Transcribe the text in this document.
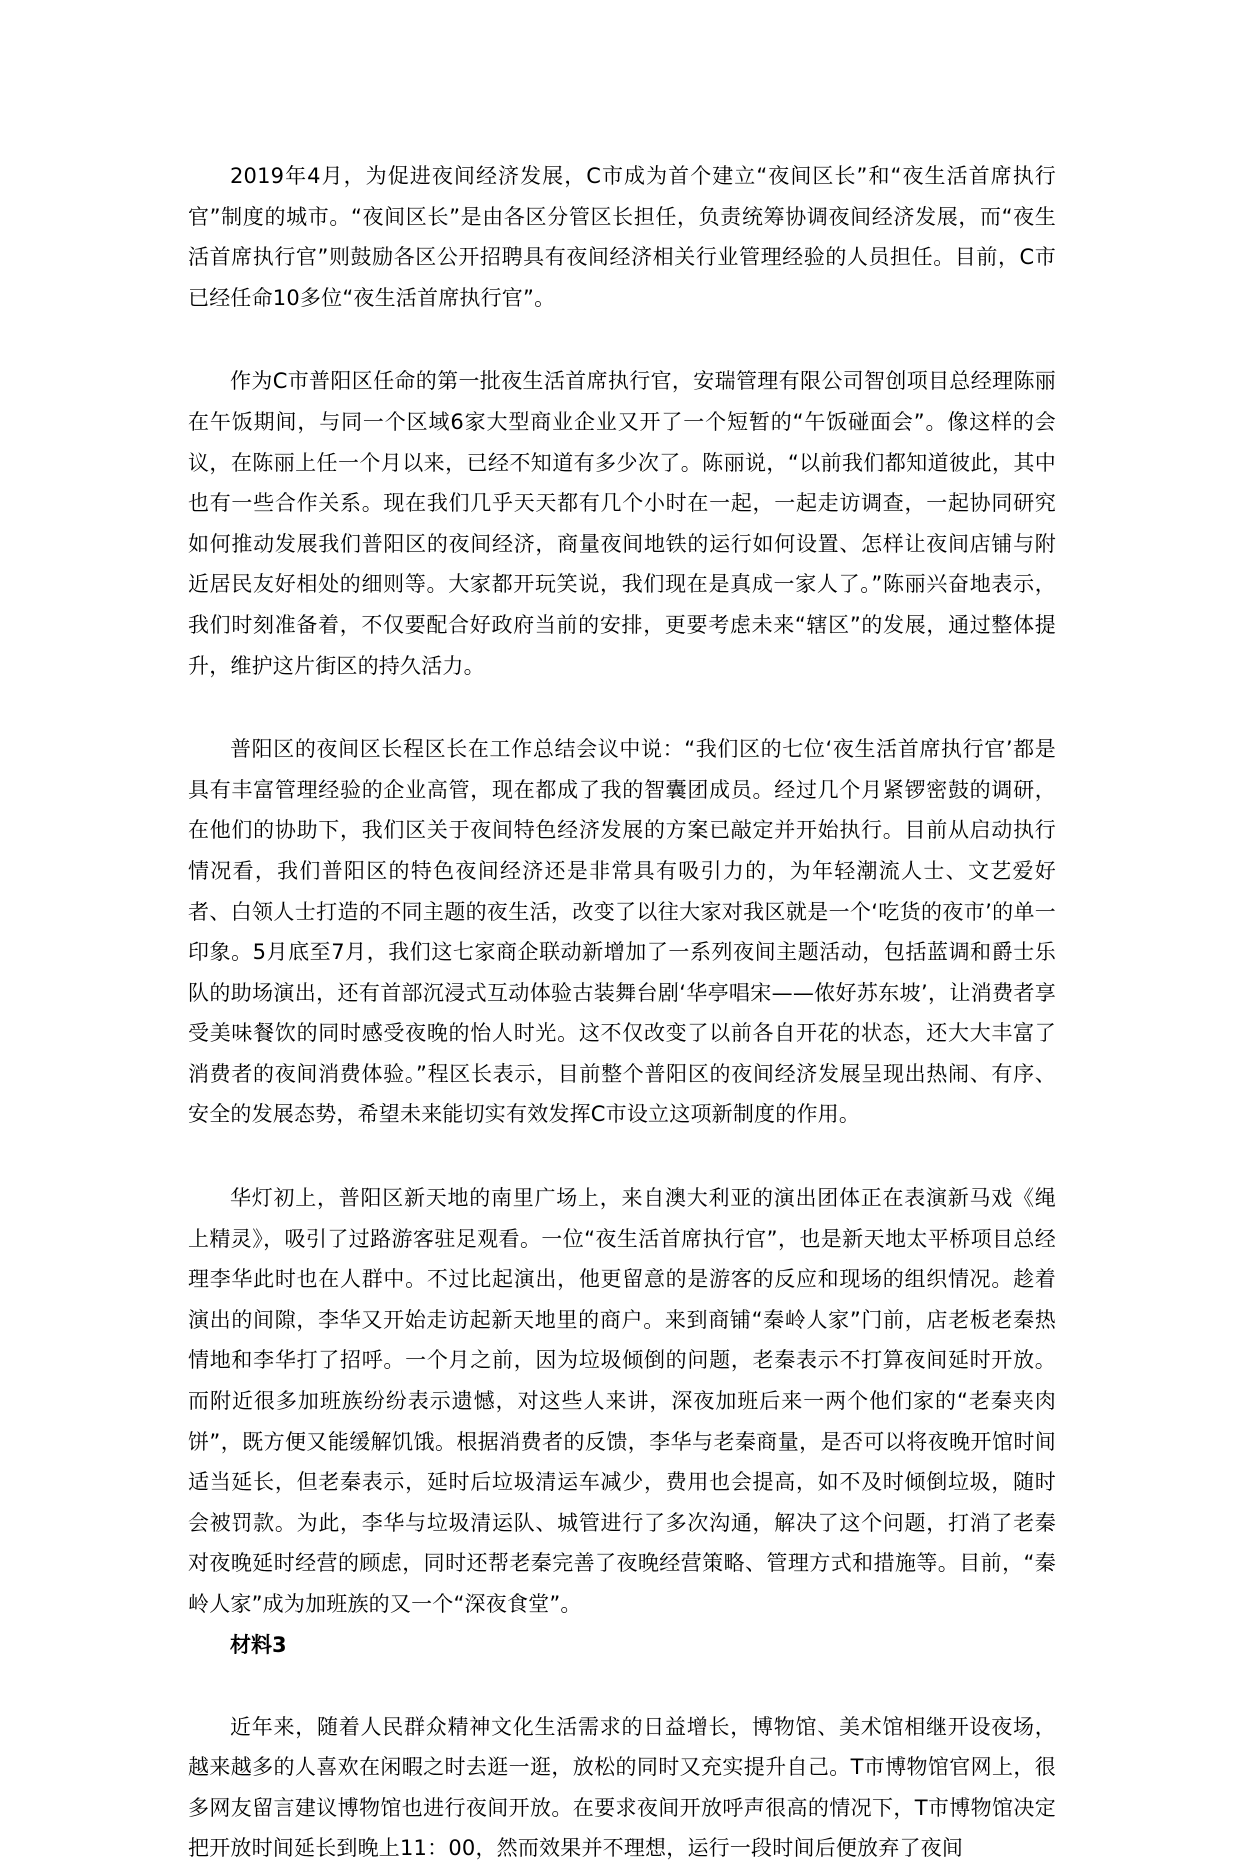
2019年4月，为促进夜间经济发展，C市成为首个建立“夜间区长”和“夜生活首席执行官”制度的城市。“夜间区长”是由各区分管区长担任，负责统筹协调夜间经济发展，而“夜生活首席执行官”则鼓励各区公开招聘具有夜间经济相关行业管理经验的人员担任。目前，C市已经任命10多位“夜生活首席执行官”。

作为C市普阳区任命的第一批夜生活首席执行官，安瑞管理有限公司智创项目总经理陈丽在午饭期间，与同一个区域6家大型商业企业又开了一个短暂的“午饭碰面会”。像这样的会议，在陈丽上任一个月以来，已经不知道有多少次了。陈丽说，“以前我们都知道彼此，其中也有一些合作关系。现在我们几乎天天都有几个小时在一起，一起走访调查，一起协同研究如何推动发展我们普阳区的夜间经济，商量夜间地铁的运行如何设置、怎样让夜间店铺与附近居民友好相处的细则等。大家都开玩笑说，我们现在是真成一家人了。”陈丽兴奋地表示，我们时刻准备着，不仅要配合好政府当前的安排，更要考虑未来“辖区”的发展，通过整体提升，维护这片街区的持久活力。

普阳区的夜间区长程区长在工作总结会议中说：“我们区的七位‘夜生活首席执行官’都是具有丰富管理经验的企业高管，现在都成了我的智囊团成员。经过几个月紧锣密鼓的调研，在他们的协助下，我们区关于夜间特色经济发展的方案已敲定并开始执行。目前从启动执行情况看，我们普阳区的特色夜间经济还是非常具有吸引力的，为年轻潮流人士、文艺爱好者、白领人士打造的不同主题的夜生活，改变了以往大家对我区就是一个‘吃货的夜市’的单一印象。5月底至7月，我们这七家商企联动新增加了一系列夜间主题活动，包括蓝调和爵士乐队的助场演出，还有首部沉浸式互动体验古装舞台剧‘华亭唱宋——侬好苏东坡’，让消费者享受美味餐饮的同时感受夜晚的怡人时光。这不仅改变了以前各自开花的状态，还大大丰富了消费者的夜间消费体验。”程区长表示，目前整个普阳区的夜间经济发展呈现出热闹、有序、安全的发展态势，希望未来能切实有效发挥C市设立这项新制度的作用。

华灯初上，普阳区新天地的南里广场上，来自澳大利亚的演出团体正在表演新马戏《绳上精灵》，吸引了过路游客驻足观看。一位“夜生活首席执行官”，也是新天地太平桥项目总经理李华此时也在人群中。不过比起演出，他更留意的是游客的反应和现场的组织情况。趁着演出的间隙，李华又开始走访起新天地里的商户。来到商铺“秦岭人家”门前，店老板老秦热情地和李华打了招呼。一个月之前，因为垃圾倾倒的问题，老秦表示不打算夜间延时开放。而附近很多加班族纷纷表示遗憾，对这些人来讲，深夜加班后来一两个他们家的“老秦夹肉饼”，既方便又能缓解饥饿。根据消费者的反馈，李华与老秦商量，是否可以将夜晚开馆时间适当延长，但老秦表示，延时后垃圾清运车减少，费用也会提高，如不及时倾倒垃圾，随时会被罚款。为此，李华与垃圾清运队、城管进行了多次沟通，解决了这个问题，打消了老秦对夜晚延时经营的顾虑，同时还帮老秦完善了夜晚经营策略、管理方式和措施等。目前，“秦岭人家”成为加班族的又一个“深夜食堂”。

材料3

近年来，随着人民群众精神文化生活需求的日益增长，博物馆、美术馆相继开设夜场，越来越多的人喜欢在闲暇之时去逛一逛，放松的同时又充实提升自己。T市博物馆官网上，很多网友留言建议博物馆也进行夜间开放。在要求夜间开放呼声很高的情况下，T市博物馆决定把开放时间延长到晚上11：00，然而效果并不理想，运行一段时间后便放弃了夜间
